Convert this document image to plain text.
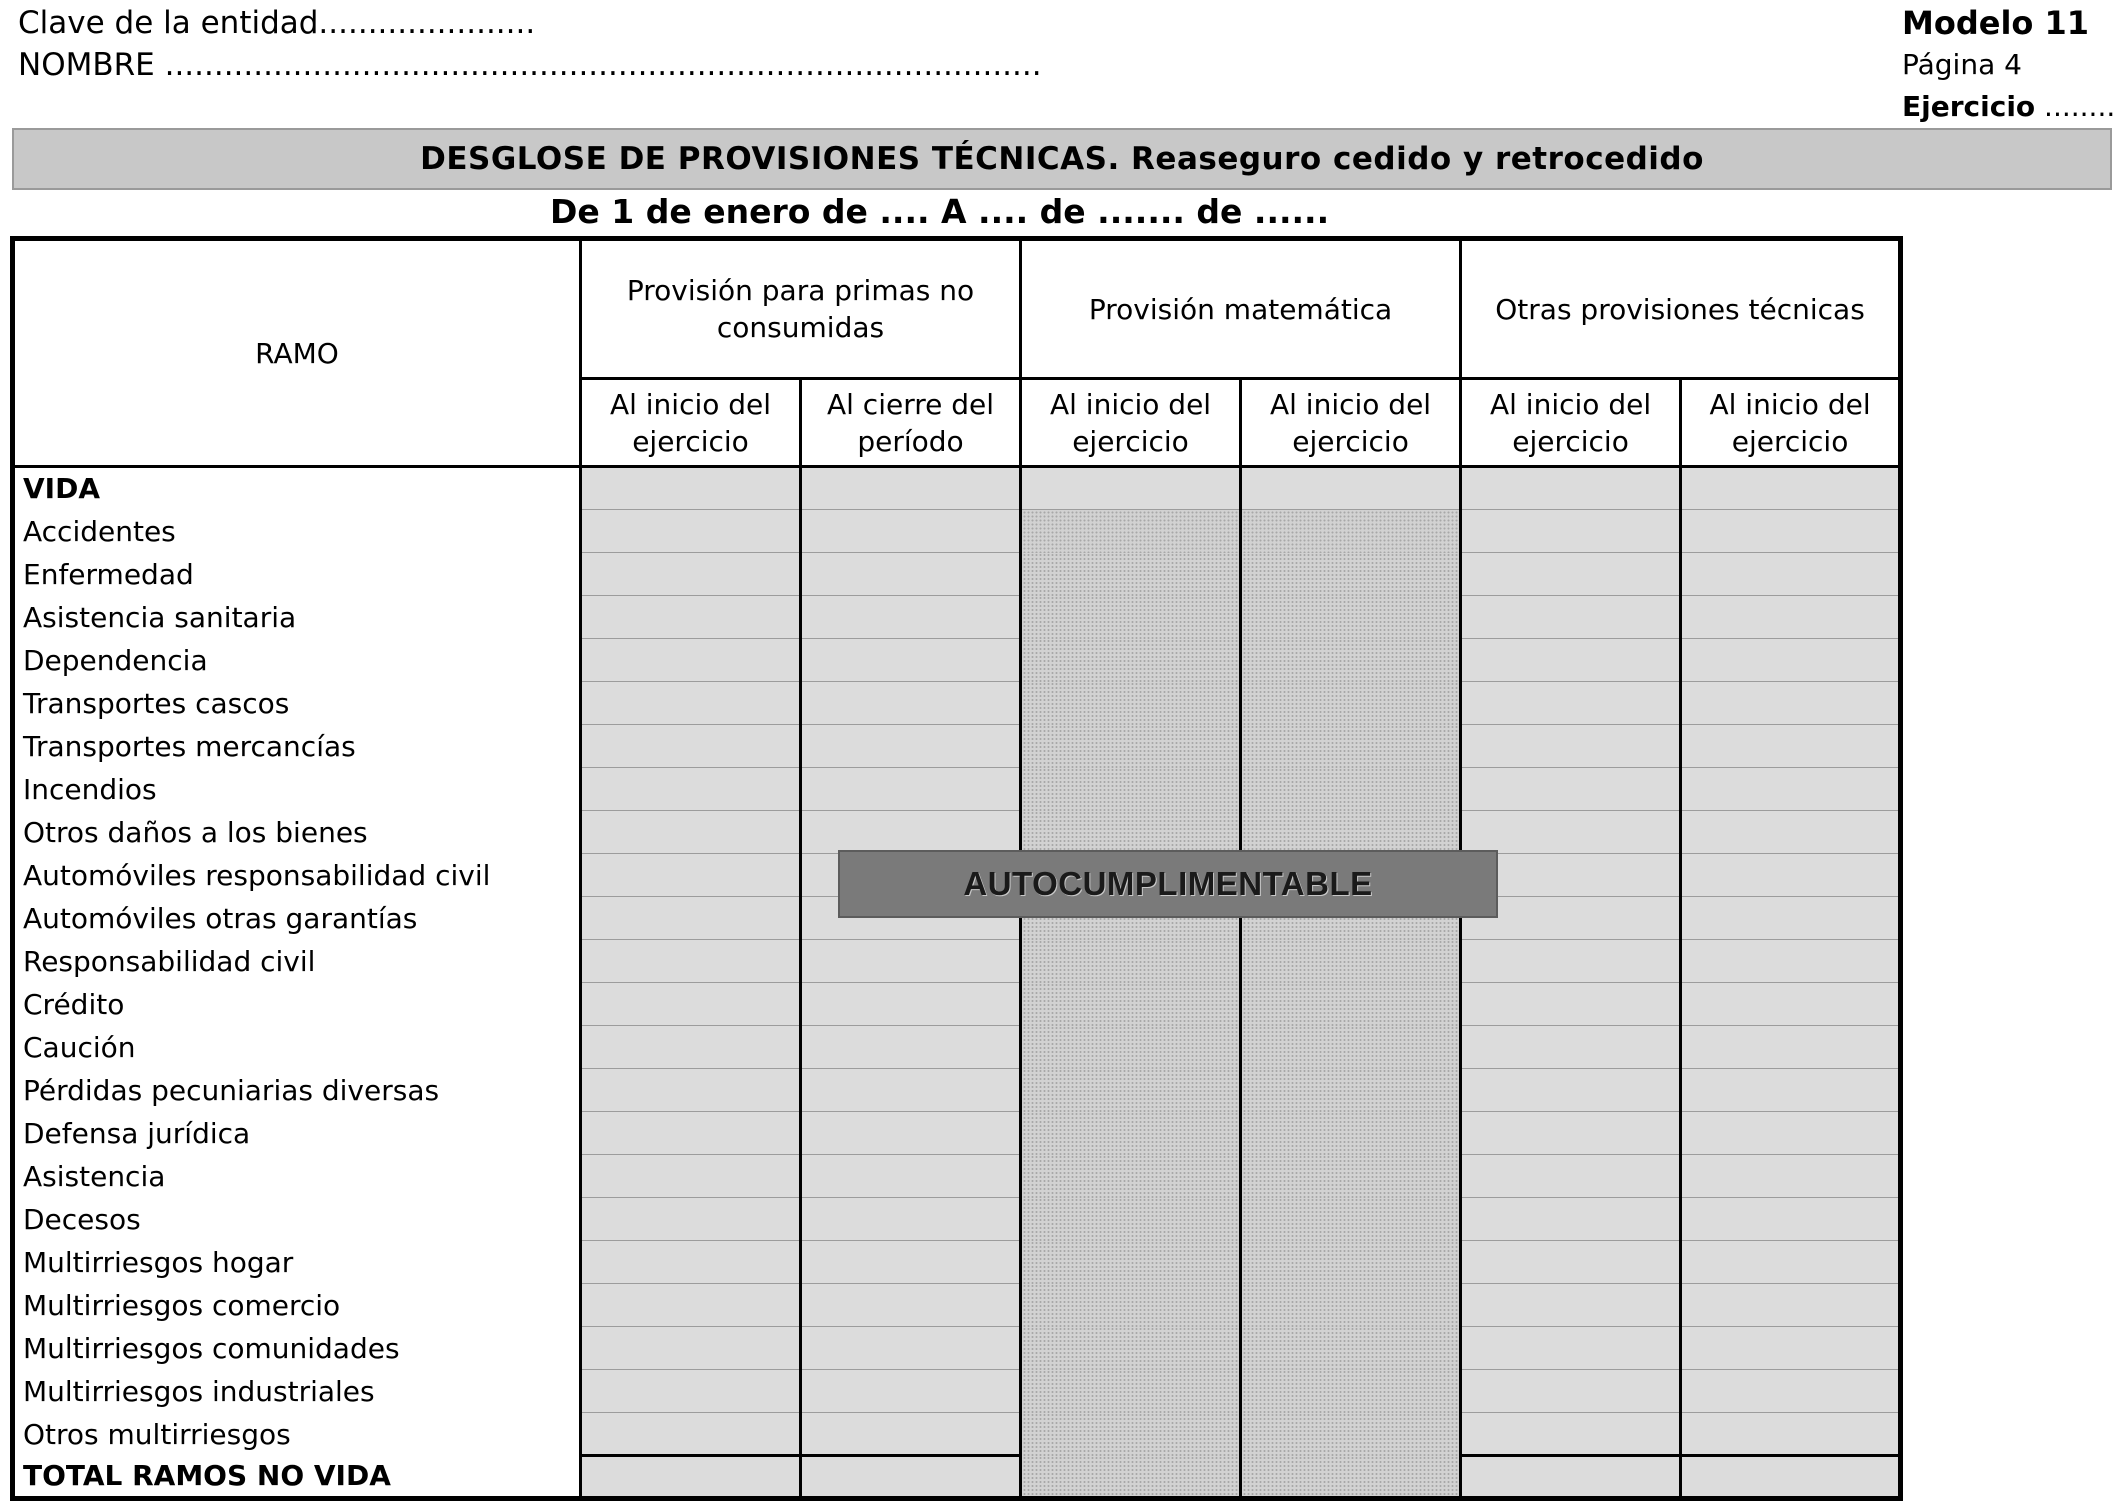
Clave de la entidad......................
NOMBRE .........................................................................................
Modelo 11
Página 4
Ejercicio ........
DESGLOSE DE PROVISIONES TÉCNICAS. Reaseguro cedido y retrocedido
De 1 de enero de .... A .... de ....... de ......
RAMO	Provisión para primas no consumidas		Provisión matemática		Otras provisiones técnicas	
	Al inicio del ejercicio	Al cierre del período	Al inicio del ejercicio	Al inicio del ejercicio	Al inicio del ejercicio	Al inicio del ejercicio
VIDA						
Accidentes						
Enfermedad						
Asistencia sanitaria						
Dependencia						
Transportes cascos						
Transportes mercancías						
Incendios						
Otros daños a los bienes						
Automóviles responsabilidad civil						
Automóviles otras garantías						
Responsabilidad civil						
Crédito						
Caución						
Pérdidas pecuniarias diversas						
Defensa jurídica						
Asistencia						
Decesos						
Multirriesgos hogar						
Multirriesgos comercio						
Multirriesgos comunidades						
Multirriesgos industriales						
Otros multirriesgos						
TOTAL RAMOS NO VIDA						
AUTOCUMPLIMENTABLE
